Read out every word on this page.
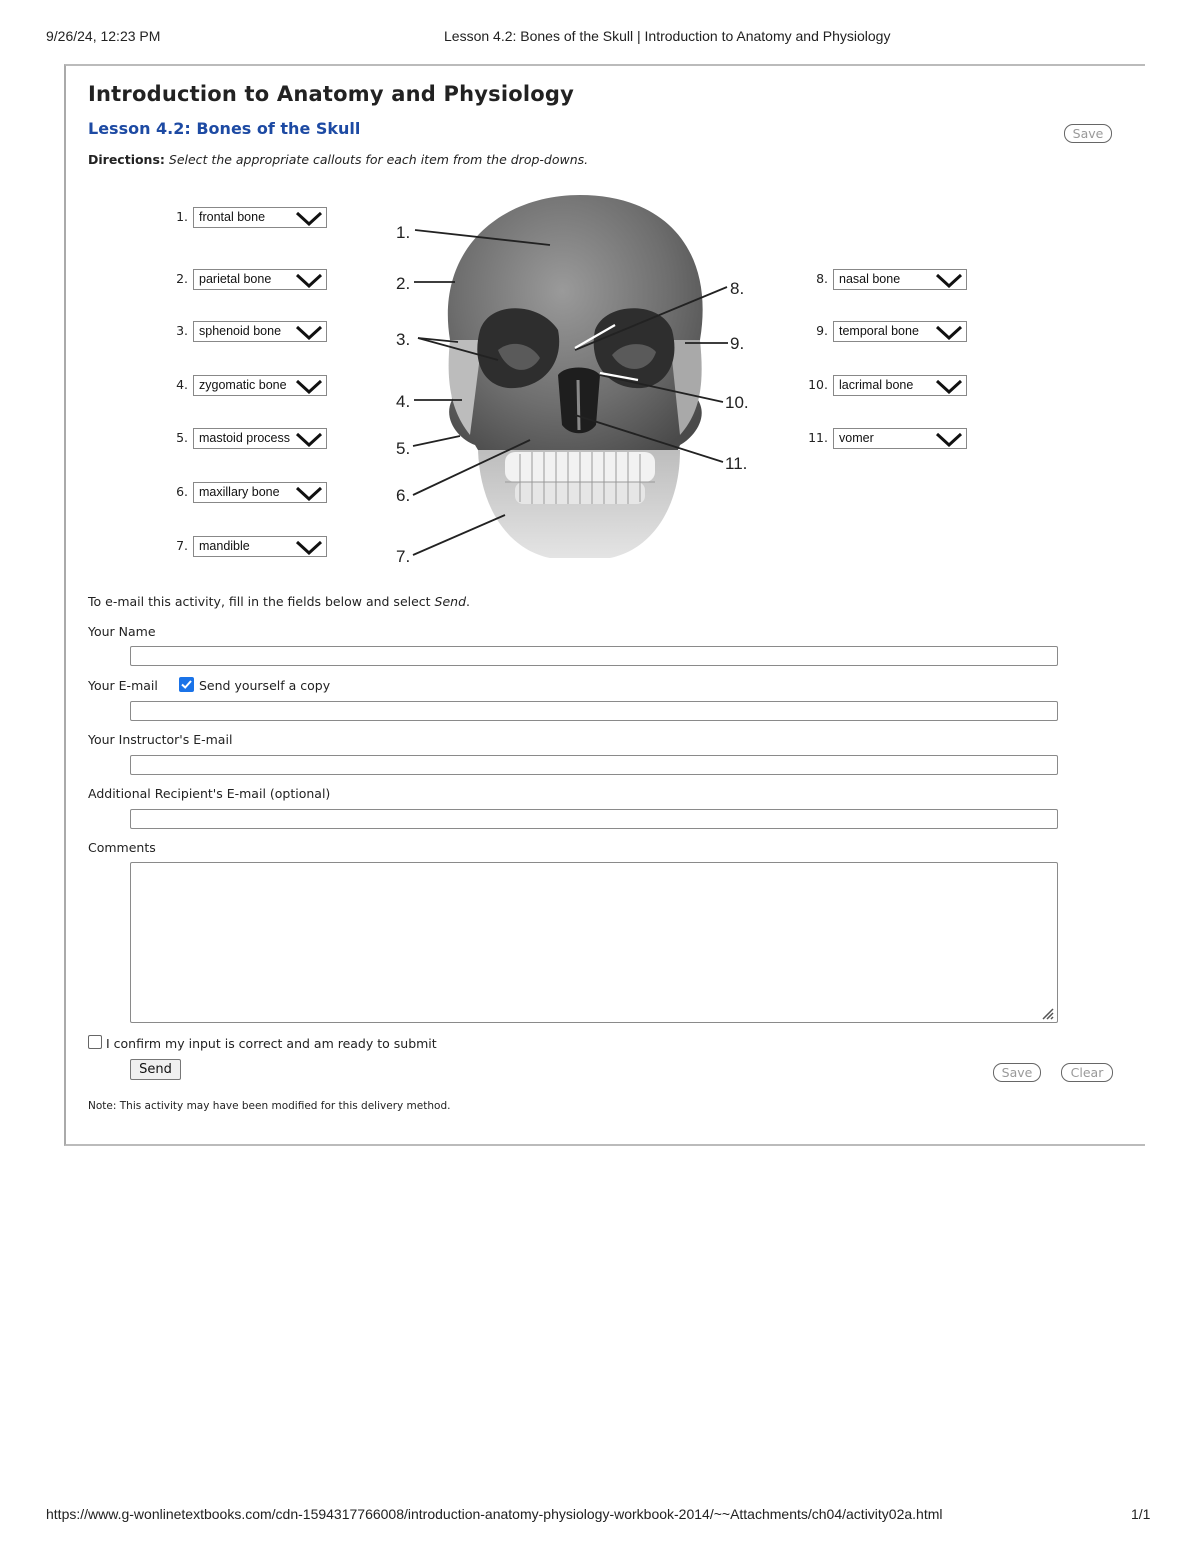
9/26/24, 12:23 PM	Lesson 4.2: Bones of the Skull | Introduction to Anatomy and Physiology
Introduction to Anatomy and Physiology
Lesson 4.2: Bones of the Skull	Save
Directions: Select the appropriate callouts for each item from the drop-downs.
1. frontal bone
2. parietal bone
3. sphenoid bone
4. zygomatic bone
5. mastoid process
6. maxillary bone
7. mandible
8. nasal bone
9. temporal bone
10. lacrimal bone
11. vomer
1.
2.
3.
4.
5.
6.
7.
8.
9.
10.
11.
To e-mail this activity, fill in the fields below and select Send.
Your Name
Your E-mail	Send yourself a copy
Your Instructor's E-mail
Additional Recipient's E-mail (optional)
Comments
I confirm my input is correct and am ready to submit
Send	Save	Clear
Note: This activity may have been modified for this delivery method.
https://www.g-wonlinetextbooks.com/cdn-1594317766008/introduction-anatomy-physiology-workbook-2014/~~Attachments/ch04/activity02a.html	1/1
